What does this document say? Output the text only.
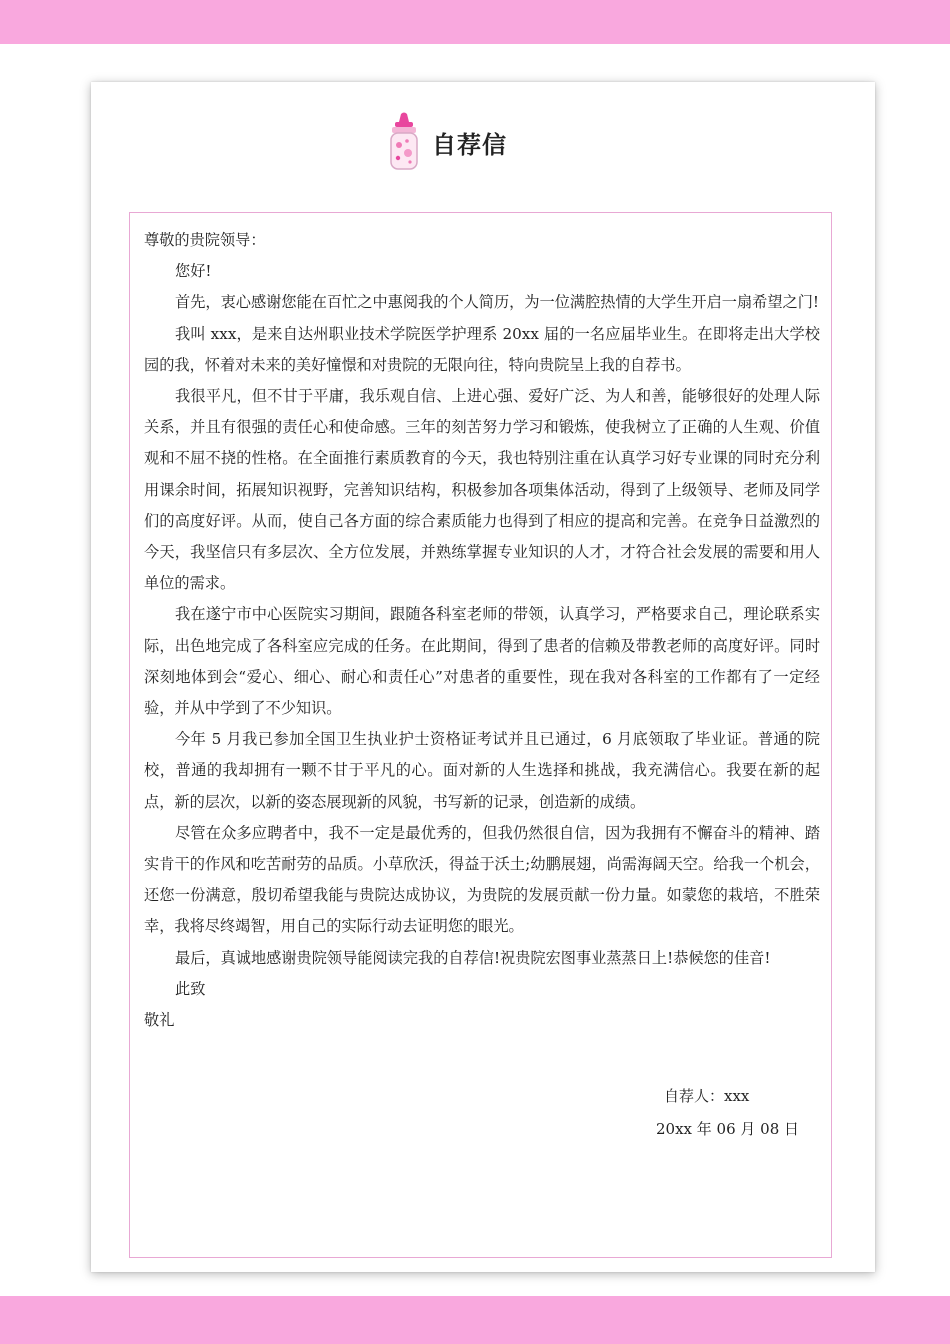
自荐信

尊敬的贵院领导：

您好!

首先，衷心感谢您能在百忙之中惠阅我的个人简历，为一位满腔热情的大学生开启一扇希望之门!

我叫 xxx，是来自达州职业技术学院医学护理系 20xx 届的一名应届毕业生。在即将走出大学校园的我，怀着对未来的美好憧憬和对贵院的无限向往，特向贵院呈上我的自荐书。

我很平凡，但不甘于平庸，我乐观自信、上进心强、爱好广泛、为人和善，能够很好的处理人际关系，并且有很强的责任心和使命感。三年的刻苦努力学习和锻炼，使我树立了正确的人生观、价值观和不屈不挠的性格。在全面推行素质教育的今天，我也特别注重在认真学习好专业课的同时充分利用课余时间，拓展知识视野，完善知识结构，积极参加各项集体活动，得到了上级领导、老师及同学们的高度好评。从而，使自己各方面的综合素质能力也得到了相应的提高和完善。在竞争日益激烈的今天，我坚信只有多层次、全方位发展，并熟练掌握专业知识的人才，才符合社会发展的需要和用人单位的需求。

我在遂宁市中心医院实习期间，跟随各科室老师的带领，认真学习，严格要求自己，理论联系实际，出色地完成了各科室应完成的任务。在此期间，得到了患者的信赖及带教老师的高度好评。同时深刻地体到会“爱心、细心、耐心和责任心”对患者的重要性，现在我对各科室的工作都有了一定经验，并从中学到了不少知识。

今年 5 月我已参加全国卫生执业护士资格证考试并且已通过，6 月底领取了毕业证。普通的院校，普通的我却拥有一颗不甘于平凡的心。面对新的人生选择和挑战，我充满信心。我要在新的起点，新的层次，以新的姿态展现新的风貌，书写新的记录，创造新的成绩。

尽管在众多应聘者中，我不一定是最优秀的，但我仍然很自信，因为我拥有不懈奋斗的精神、踏实肯干的作风和吃苦耐劳的品质。小草欣沃，得益于沃土;幼鹏展翅，尚需海阔天空。给我一个机会，还您一份满意，殷切希望我能与贵院达成协议，为贵院的发展贡献一份力量。如蒙您的栽培，不胜荣幸，我将尽终竭智，用自己的实际行动去证明您的眼光。

最后，真诚地感谢贵院领导能阅读完我的自荐信!祝贵院宏图事业蒸蒸日上!恭候您的佳音!

此致

敬礼

自荐人：xxx
20xx 年 06 月 08 日
